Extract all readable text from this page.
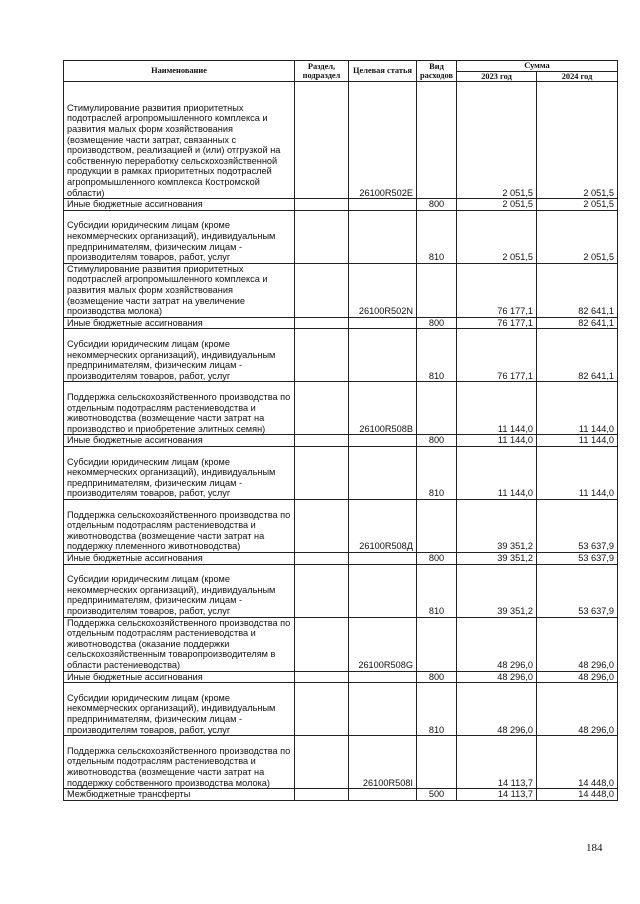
Наименование	Раздел, подраздел	Целевая статья	Вид расходов	Сумма	
				2023 год	2024 год
Стимулирование развития приоритетных подотраслей агропромышленного комплекса и развития малых форм хозяйствования (возмещение части затрат, связанных с производством, реализацией и (или) отгрузкой на собственную переработку сельскохозяйственной продукции в рамках приоритетных подотраслей агропромышленного комплекса Костромской области)		26100R502E		2 051,5	2 051,5
Иные бюджетные ассигнования			800	2 051,5	2 051,5
Субсидии юридическим лицам (кроме некоммерческих организаций), индивидуальным предпринимателям, физическим лицам - производителям товаров, работ, услуг			810	2 051,5	2 051,5
Стимулирование развития приоритетных подотраслей агропромышленного комплекса и развития малых форм хозяйствования (возмещение части затрат на увеличение производства молока)		26100R502N		76 177,1	82 641,1
Иные бюджетные ассигнования			800	76 177,1	82 641,1
Субсидии юридическим лицам (кроме некоммерческих организаций), индивидуальным предпринимателям, физическим лицам - производителям товаров, работ, услуг			810	76 177,1	82 641,1
Поддержка сельскохозяйственного производства по отдельным подотраслям растениеводства и животноводства (возмещение части затрат на производство и приобретение элитных семян)		26100R508B		11 144,0	11 144,0
Иные бюджетные ассигнования			800	11 144,0	11 144,0
Субсидии юридическим лицам (кроме некоммерческих организаций), индивидуальным предпринимателям, физическим лицам - производителям товаров, работ, услуг			810	11 144,0	11 144,0
Поддержка сельскохозяйственного производства по отдельным подотраслям растениеводства и животноводства (возмещение части затрат на поддержку племенного животноводства)		26100R508Д		39 351,2	53 637,9
Иные бюджетные ассигнования			800	39 351,2	53 637,9
Субсидии юридическим лицам (кроме некоммерческих организаций), индивидуальным предпринимателям, физическим лицам - производителям товаров, работ, услуг			810	39 351,2	53 637,9
Поддержка сельскохозяйственного производства по отдельным подотраслям растениеводства и животноводства (оказание поддержки сельскохозяйственным товаропроизводителям в области растениеводства)		26100R508G		48 296,0	48 296,0
Иные бюджетные ассигнования			800	48 296,0	48 296,0
Субсидии юридическим лицам (кроме некоммерческих организаций), индивидуальным предпринимателям, физическим лицам - производителям товаров, работ, услуг			810	48 296,0	48 296,0
Поддержка сельскохозяйственного производства по отдельным подотраслям растениеводства и животноводства (возмещение части затрат на поддержку собственного производства молока)		26100R508I		14 113,7	14 448,0
Межбюджетные трансферты			500	14 113,7	14 448,0
184
